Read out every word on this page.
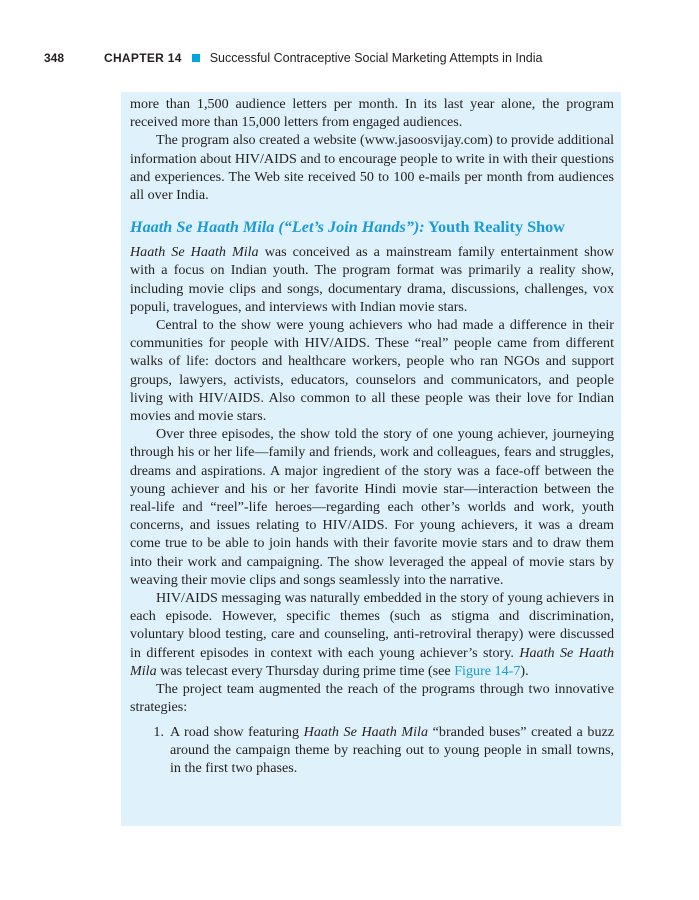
348	CHAPTER 14 Successful Contraceptive Social Marketing Attempts in India

more than 1,500 audience letters per month. In its last year alone, the program received more than 15,000 letters from engaged audiences.

The program also created a website (www.jasoosvijay.com) to provide additional information about HIV/AIDS and to encourage people to write in with their questions and experiences. The Web site received 50 to 100 e-mails per month from audiences all over India.

Haath Se Haath Mila (“Let’s Join Hands”): Youth Reality Show

Haath Se Haath Mila was conceived as a mainstream family entertainment show with a focus on Indian youth. The program format was primarily a reality show, including movie clips and songs, documentary drama, discussions, challenges, vox populi, travelogues, and interviews with Indian movie stars.

Central to the show were young achievers who had made a difference in their communities for people with HIV/AIDS. These “real” people came from different walks of life: doctors and healthcare workers, people who ran NGOs and support groups, lawyers, activists, educators, counselors and communicators, and people living with HIV/AIDS. Also common to all these people was their love for Indian movies and movie stars.

Over three episodes, the show told the story of one young achiever, journeying through his or her life—family and friends, work and colleagues, fears and struggles, dreams and aspirations. A major ingredient of the story was a face-off between the young achiever and his or her favorite Hindi movie star—interaction between the real-life and “reel”-life heroes—regarding each other’s worlds and work, youth concerns, and issues relating to HIV/AIDS. For young achievers, it was a dream come true to be able to join hands with their favorite movie stars and to draw them into their work and campaigning. The show leveraged the appeal of movie stars by weaving their movie clips and songs seamlessly into the narrative.

HIV/AIDS messaging was naturally embedded in the story of young achievers in each episode. However, specific themes (such as stigma and discrimination, voluntary blood testing, care and counseling, anti-retroviral therapy) were discussed in different episodes in context with each young achiever’s story. Haath Se Haath Mila was telecast every Thursday during prime time (see Figure 14-7).

The project team augmented the reach of the programs through two innovative strategies:

1. A road show featuring Haath Se Haath Mila “branded buses” created a buzz around the campaign theme by reaching out to young people in small towns, in the first two phases.
